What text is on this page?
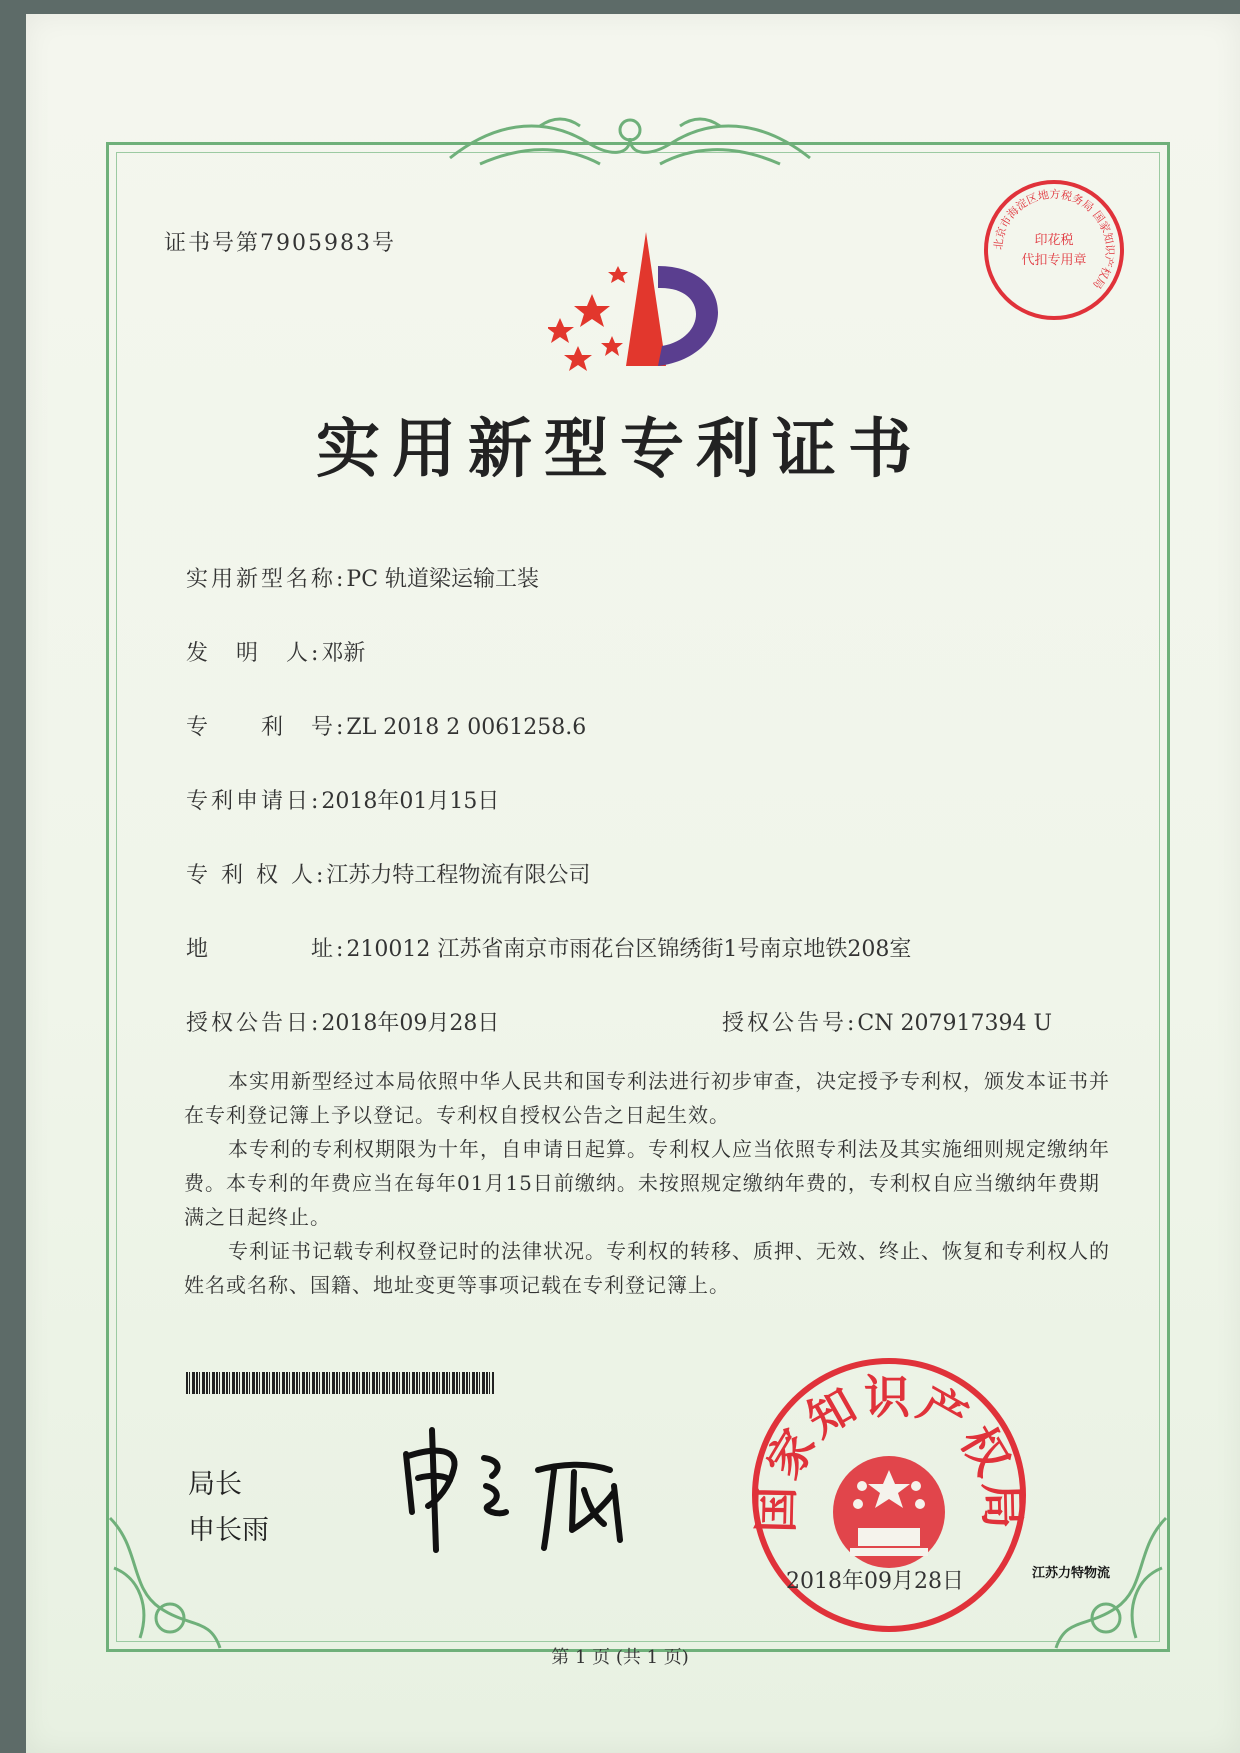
证书号第7905983号	北京市海淀区地方税务局 国家知识产权局
印花税
代扣专用章
实用新型专利证书
实用新型名称:PC 轨道梁运输工装
发　明　人:邓新
专　　利　号:ZL 2018 2 0061258.6
专利申请日:2018年01月15日
专 利 权 人:江苏力特工程物流有限公司
地　　　　址:210012 江苏省南京市雨花台区锦绣街1号南京地铁208室
授权公告日:2018年09月28日	授权公告号:CN 207917394 U

本实用新型经过本局依照中华人民共和国专利法进行初步审查，决定授予专利权，颁发本证书并在专利登记簿上予以登记。专利权自授权公告之日起生效。

本专利的专利权期限为十年，自申请日起算。专利权人应当依照专利法及其实施细则规定缴纳年费。本专利的年费应当在每年01月15日前缴纳。未按照规定缴纳年费的，专利权自应当缴纳年费期满之日起终止。

专利证书记载专利权登记时的法律状况。专利权的转移、质押、无效、终止、恢复和专利权人的姓名或名称、国籍、地址变更等事项记载在专利登记簿上。

局长
申长雨	国家知识产权局
2018年09月28日	江苏力特物流
第 1 页 (共 1 页)
